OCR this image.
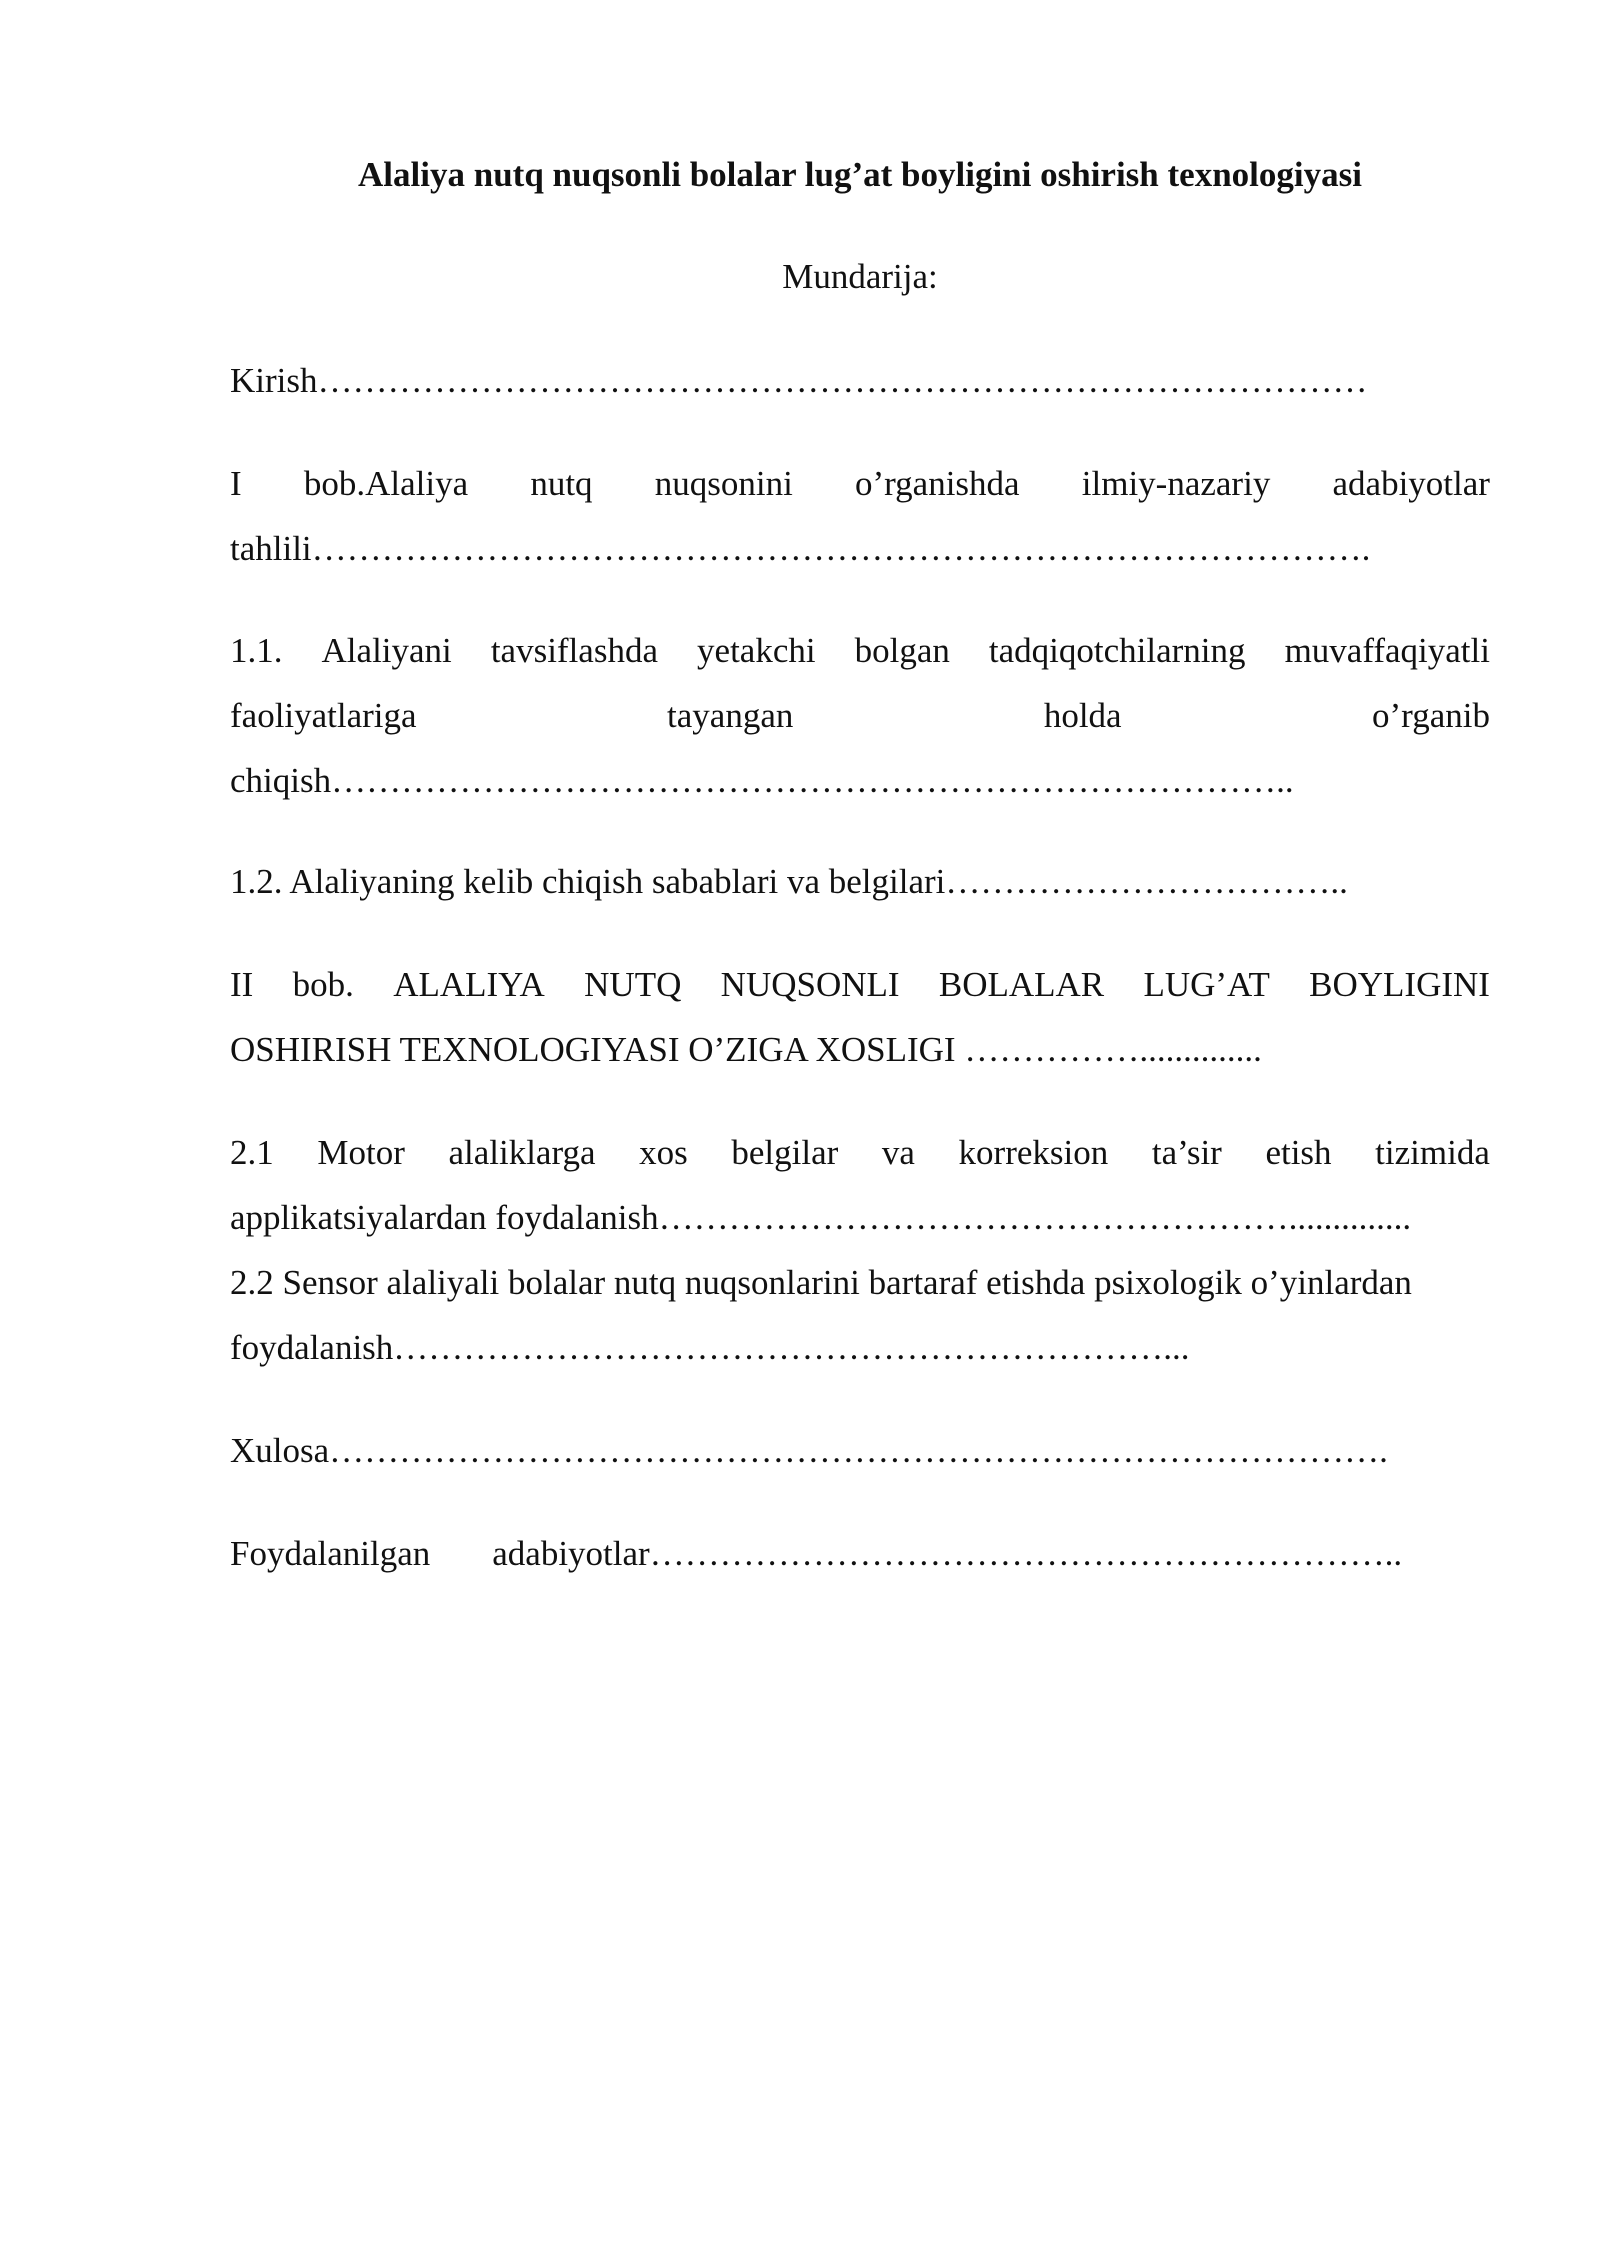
Alaliya nutq nuqsonli bolalar lug’at boyligini oshirish texnologiyasi
Mundarija:
Kirish………………………………………………………………………………
I bob.Alaliya nutq nuqsonini o’rganishda ilmiy-nazariy adabiyotlar
tahlili……………………………………………………………………………….
1.1. Alaliyani tavsiflashda yetakchi bolgan tadqiqotchilarning muvaffaqiyatli
faoliyatlariga	tayangan	holda	o’rganib
chiqish………………………………………………………………………..
1.2. Alaliyaning kelib chiqish sabablari va belgilari……………………………..
II bob. ALALIYA NUTQ NUQSONLI BOLALAR LUG’AT BOYLIGINI
OSHIRISH TEXNOLOGIYASI O’ZIGA XOSLIGI ……………..............
2.1 Motor alaliklarga xos belgilar va korreksion ta’sir etish tizimida
applikatsiyalardan foydalanish………………………………………………..............
2.2 Sensor alaliyali bolalar nutq nuqsonlarini bartaraf etishda psixologik o’yinlardan
foydalanish…………………………………………………………...
Xulosa……………………………………………………………………………….
Foydalanilgan adabiyotlar………………………………………………………..
